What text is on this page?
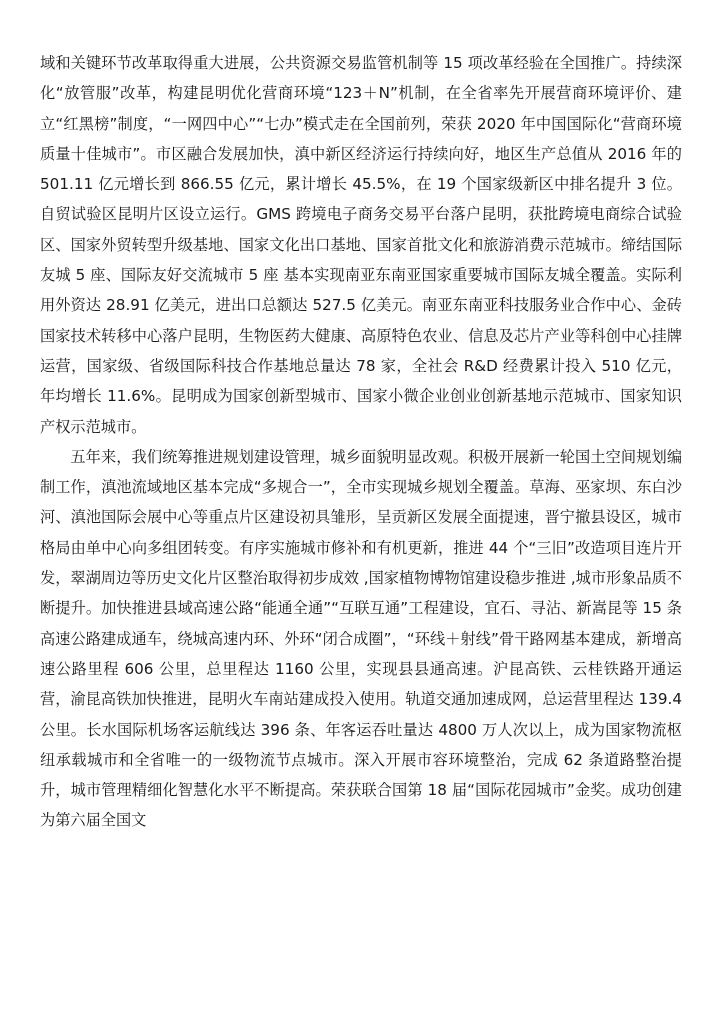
域和关键环节改革取得重大进展，公共资源交易监管机制等 15 项改革经验在全国推广。持续深化“放管服”改革，构建昆明优化营商环境“123＋N”机制，在全省率先开展营商环境评价、建立“红黑榜”制度，“一网四中心”“七办”模式走在全国前列，荣获 2020 年中国国际化“营商环境质量十佳城市”。市区融合发展加快，滇中新区经济运行持续向好，地区生产总值从 2016 年的 501.11 亿元增长到 866.55 亿元，累计增长 45.5%，在 19 个国家级新区中排名提升 3 位。自贸试验区昆明片区设立运行。GMS 跨境电子商务交易平台落户昆明，获批跨境电商综合试验区、国家外贸转型升级基地、国家文化出口基地、国家首批文化和旅游消费示范城市。缔结国际友城 5 座、国际友好交流城市 5 座 基本实现南亚东南亚国家重要城市国际友城全覆盖。实际利用外资达 28.91 亿美元，进出口总额达 527.5 亿美元。南亚东南亚科技服务业合作中心、金砖国家技术转移中心落户昆明，生物医药大健康、高原特色农业、信息及芯片产业等科创中心挂牌运营，国家级、省级国际科技合作基地总量达 78 家，全社会 R&D 经费累计投入 510 亿元，年均增长 11.6%。昆明成为国家创新型城市、国家小微企业创业创新基地示范城市、国家知识产权示范城市。

五年来，我们统筹推进规划建设管理，城乡面貌明显改观。积极开展新一轮国土空间规划编制工作，滇池流域地区基本完成“多规合一”，全市实现城乡规划全覆盖。草海、巫家坝、东白沙河、滇池国际会展中心等重点片区建设初具雏形，呈贡新区发展全面提速，晋宁撤县设区，城市格局由单中心向多组团转变。有序实施城市修补和有机更新，推进 44 个“三旧”改造项目连片开发，翠湖周边等历史文化片区整治取得初步成效 ,国家植物博物馆建设稳步推进 ,城市形象品质不断提升。加快推进县域高速公路“能通全通”“互联互通”工程建设，宜石、寻沾、新嵩昆等 15 条高速公路建成通车，绕城高速内环、外环“闭合成圈”，“环线＋射线”骨干路网基本建成，新增高速公路里程 606 公里，总里程达 1160 公里，实现县县通高速。沪昆高铁、云桂铁路开通运营，渝昆高铁加快推进，昆明火车南站建成投入使用。轨道交通加速成网，总运营里程达 139.4 公里。长水国际机场客运航线达 396 条、年客运吞吐量达 4800 万人次以上，成为国家物流枢纽承载城市和全省唯一的一级物流节点城市。深入开展市容环境整治，完成 62 条道路整治提升，城市管理精细化智慧化水平不断提高。荣获联合国第 18 届“国际花园城市”金奖。成功创建为第六届全国文
